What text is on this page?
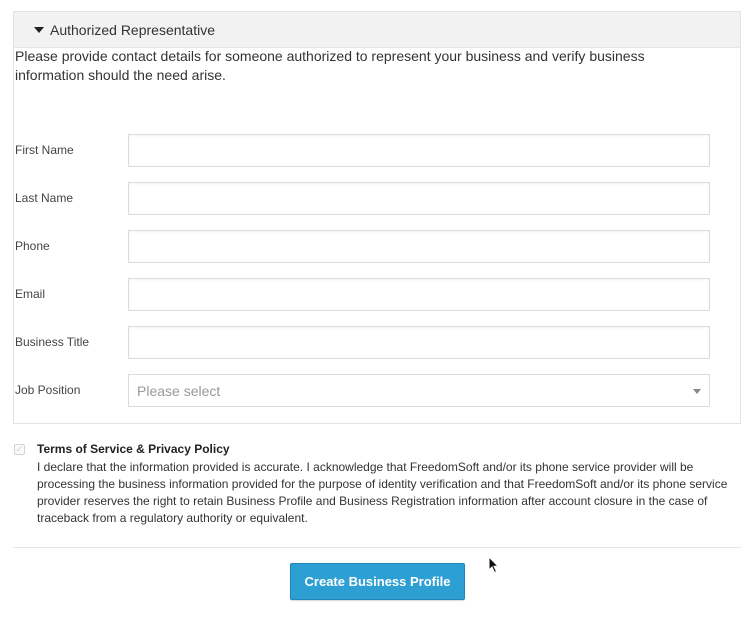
Authorized Representative
Please provide contact details for someone authorized to represent your business and verify business information should the need arise.
First Name
Last Name
Phone
Email
Business Title
Job Position	Please select
✓ Terms of Service & Privacy Policy
I declare that the information provided is accurate. I acknowledge that FreedomSoft and/or its phone service provider will be processing the business information provided for the purpose of identity verification and that FreedomSoft and/or its phone service provider reserves the right to retain Business Profile and Business Registration information after account closure in the case of traceback from a regulatory authority or equivalent.
Create Business Profile
